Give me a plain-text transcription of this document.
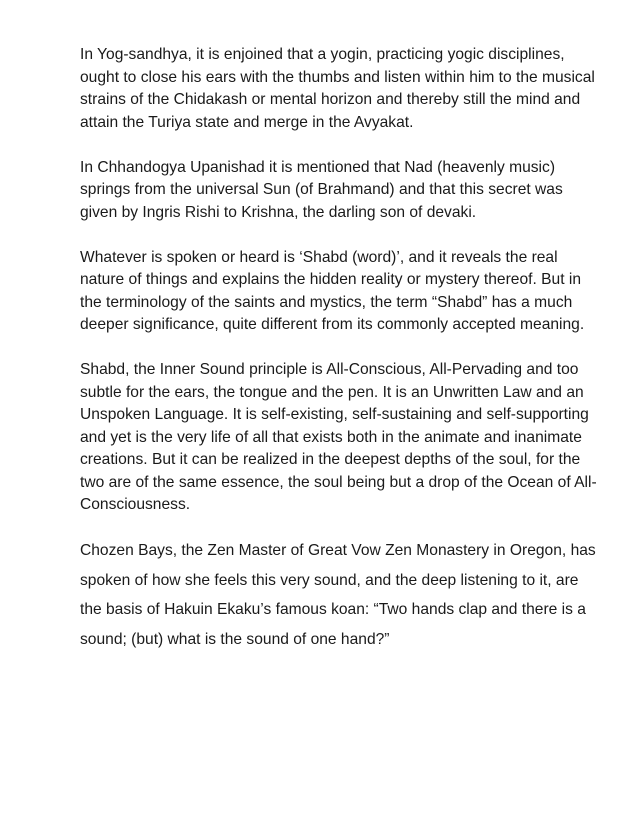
In Yog-sandhya, it is enjoined that a yogin, practicing yogic disciplines, ought to close his ears with the thumbs and listen within him to the musical strains of the Chidakash or mental horizon and thereby still the mind and attain the Turiya state and merge in the Avyakat.

In Chhandogya Upanishad it is mentioned that Nad (heavenly music) springs from the universal Sun (of Brahmand) and that this secret was given by Ingris Rishi to Krishna, the darling son of devaki.

Whatever is spoken or heard is ‘Shabd (word)’, and it reveals the real nature of things and explains the hidden reality or mystery thereof. But in the terminology of the saints and mystics, the term “Shabd” has a much deeper significance, quite different from its commonly accepted meaning.

Shabd, the Inner Sound principle is All-Conscious, All-Pervading and too subtle for the ears, the tongue and the pen. It is an Unwritten Law and an Unspoken Language. It is self-existing, self-sustaining and self-supporting and yet is the very life of all that exists both in the animate and inanimate creations. But it can be realized in the deepest depths of the soul, for the two are of the same essence, the soul being but a drop of the Ocean of All-Consciousness.

Chozen Bays, the Zen Master of Great Vow Zen Monastery in Oregon, has spoken of how she feels this very sound, and the deep listening to it, are the basis of Hakuin Ekaku’s famous koan: “Two hands clap and there is a sound; (but) what is the sound of one hand?”
